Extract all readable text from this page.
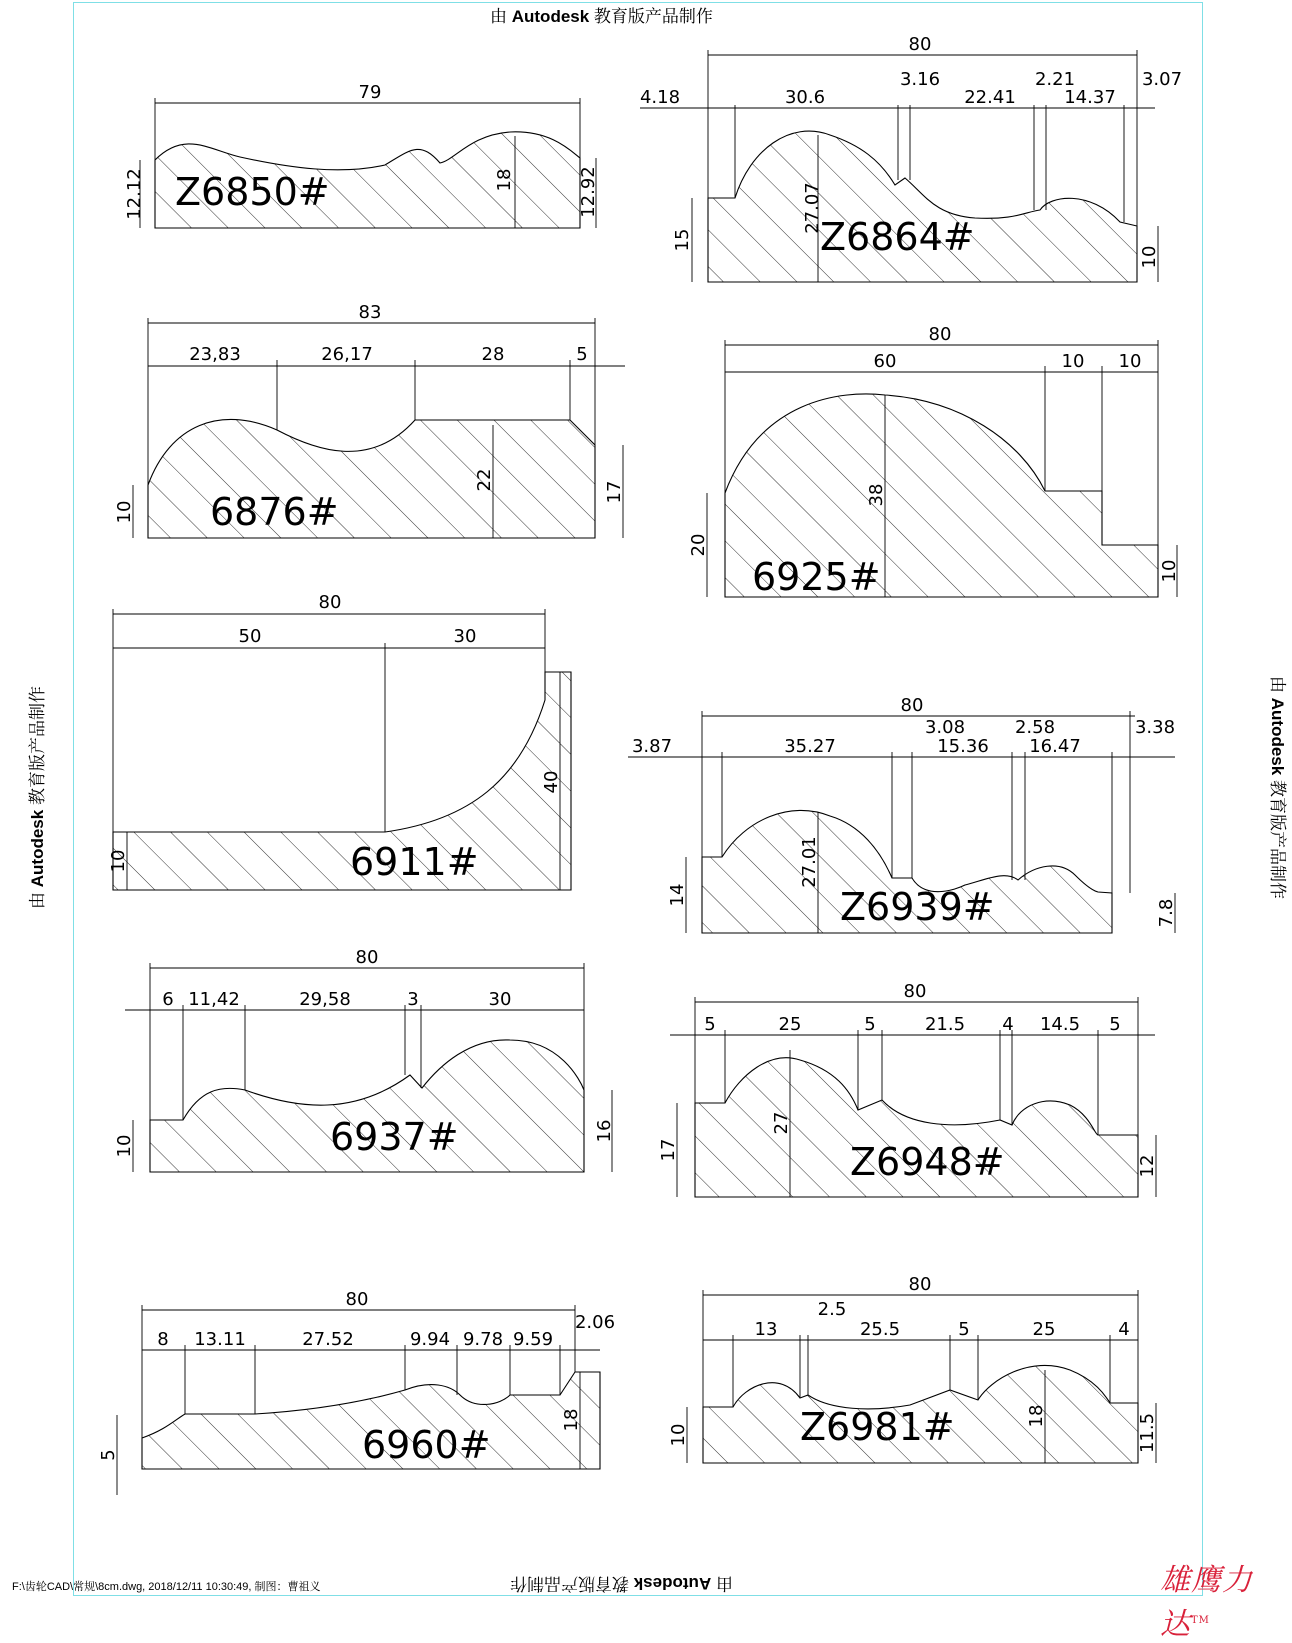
由 Autodesk 教育版产品制作
由 Autodesk 教育版产品制作
由 Autodesk 教育版产品制作	由 Autodesk 教育版产品制作
F:\齿轮CAD\常规\8cm.dwg, 2018/12/11 10:30:49, 制图：曹祖义	雄鹰力达™
Z6850#
79
12.12	18	12.92
Z6864#
80
4.18	30.6
3.16
22.41
2.21
14.37
3.07
15
27.07
10
6876#
83
23,83	26,17	28	5
10
22
17
6925#
80
60	10 10
20
38
10
6911#
80
50	30
10
40
Z6939#
80
3.87	35.27
3.08
15.36
2.58
16.47
3.38
14
27.01
7.8
6937#
80
6 11,42	29,58	3	30
10
16
Z6948#
80
5	25	5	21.5 4 14.5 5
17
27
12
6960#
80
8 13.11	27.52	9.94 9.78 9.59
2.06
5
18	Z6981#
80
13
2.5
25.5	5	25	4
10
18	11.5
